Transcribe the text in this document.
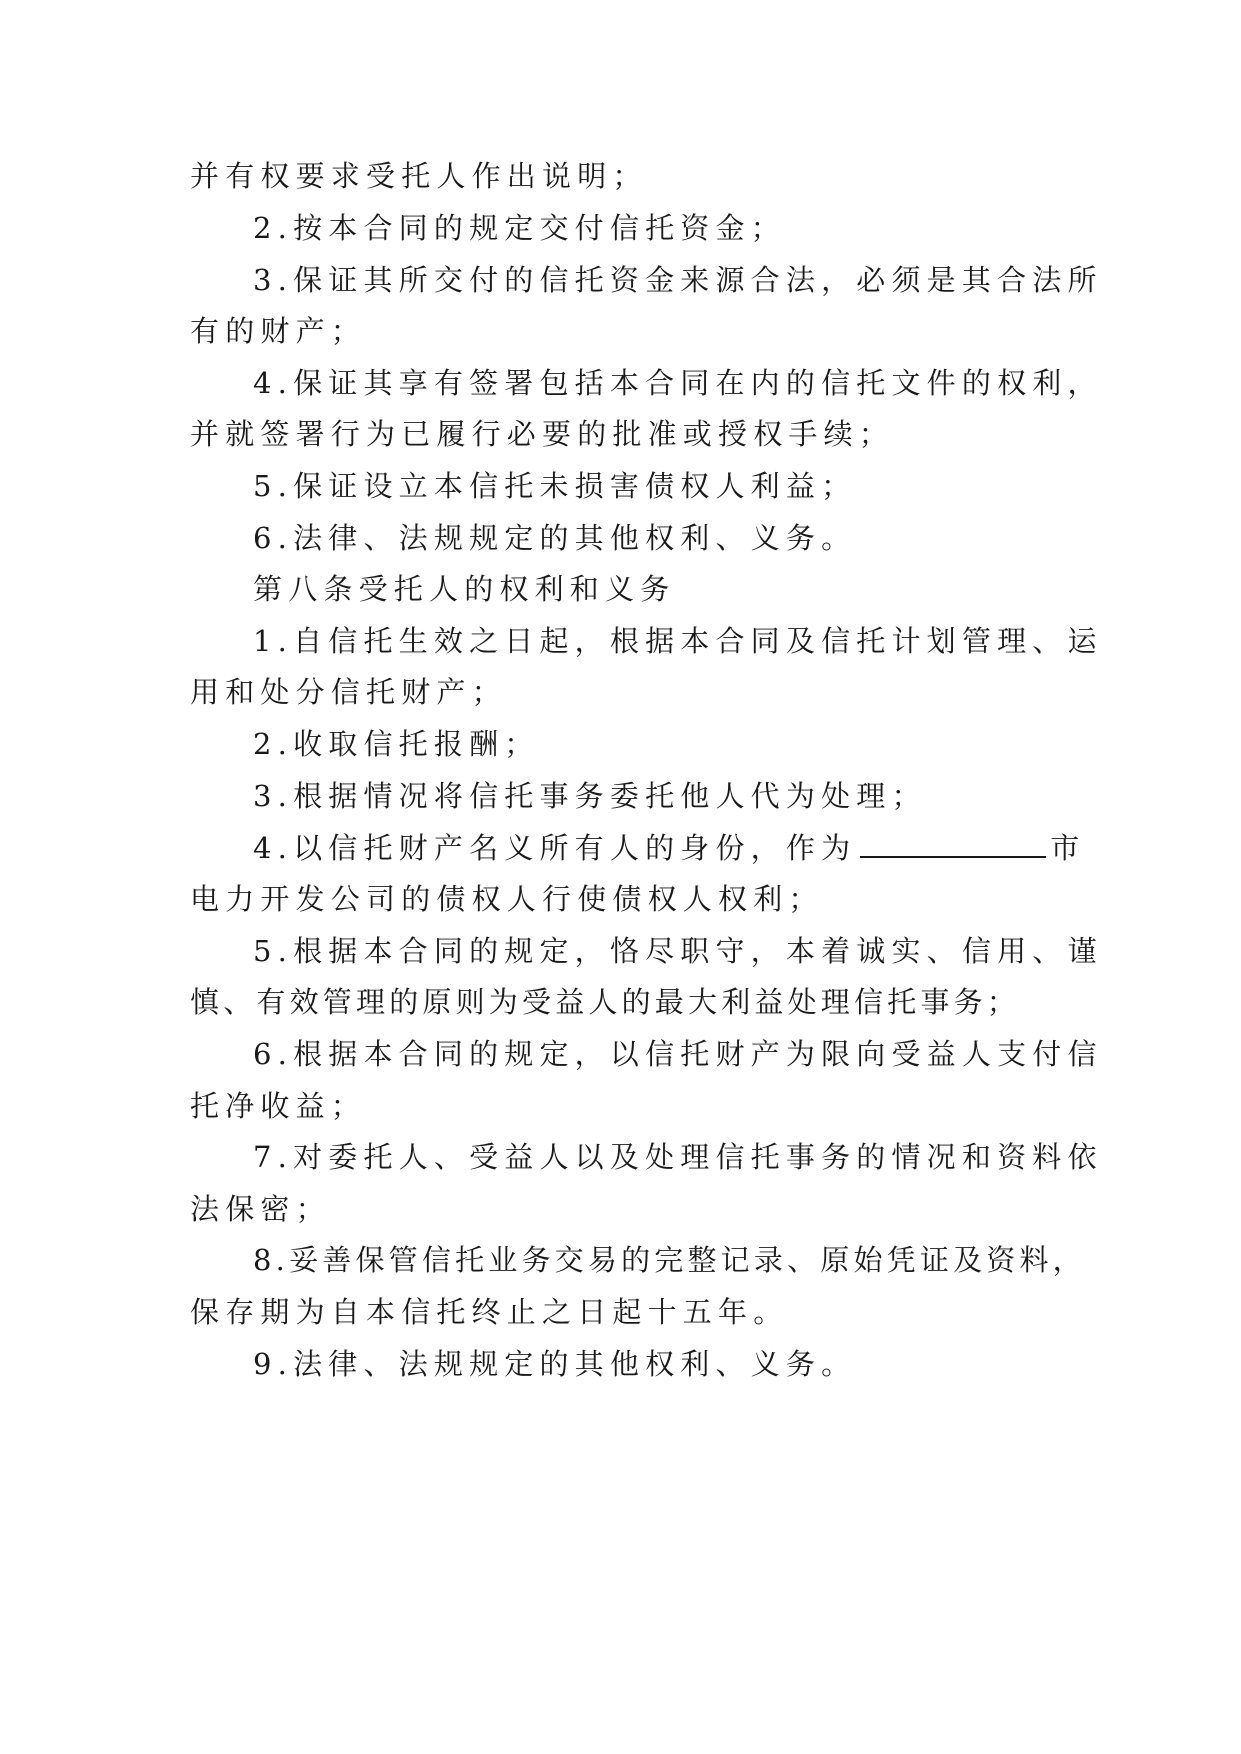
并有权要求受托人作出说明；
2.按本合同的规定交付信托资金；
3.保证其所交付的信托资金来源合法，必须是其合法所
有的财产；
4.保证其享有签署包括本合同在内的信托文件的权利，
并就签署行为已履行必要的批准或授权手续；
5.保证设立本信托未损害债权人利益；
6.法律、法规规定的其他权利、义务。
第八条受托人的权利和义务
1.自信托生效之日起，根据本合同及信托计划管理、运
用和处分信托财产；
2.收取信托报酬；
3.根据情况将信托事务委托他人代为处理；
4.以信托财产名义所有人的身份，作为	市
电力开发公司的债权人行使债权人权利；
5.根据本合同的规定，恪尽职守，本着诚实、信用、谨
慎、有效管理的原则为受益人的最大利益处理信托事务；
6.根据本合同的规定，以信托财产为限向受益人支付信
托净收益；
7.对委托人、受益人以及处理信托事务的情况和资料依
法保密；
8.妥善保管信托业务交易的完整记录、原始凭证及资料，
保存期为自本信托终止之日起十五年。
9.法律、法规规定的其他权利、义务。
